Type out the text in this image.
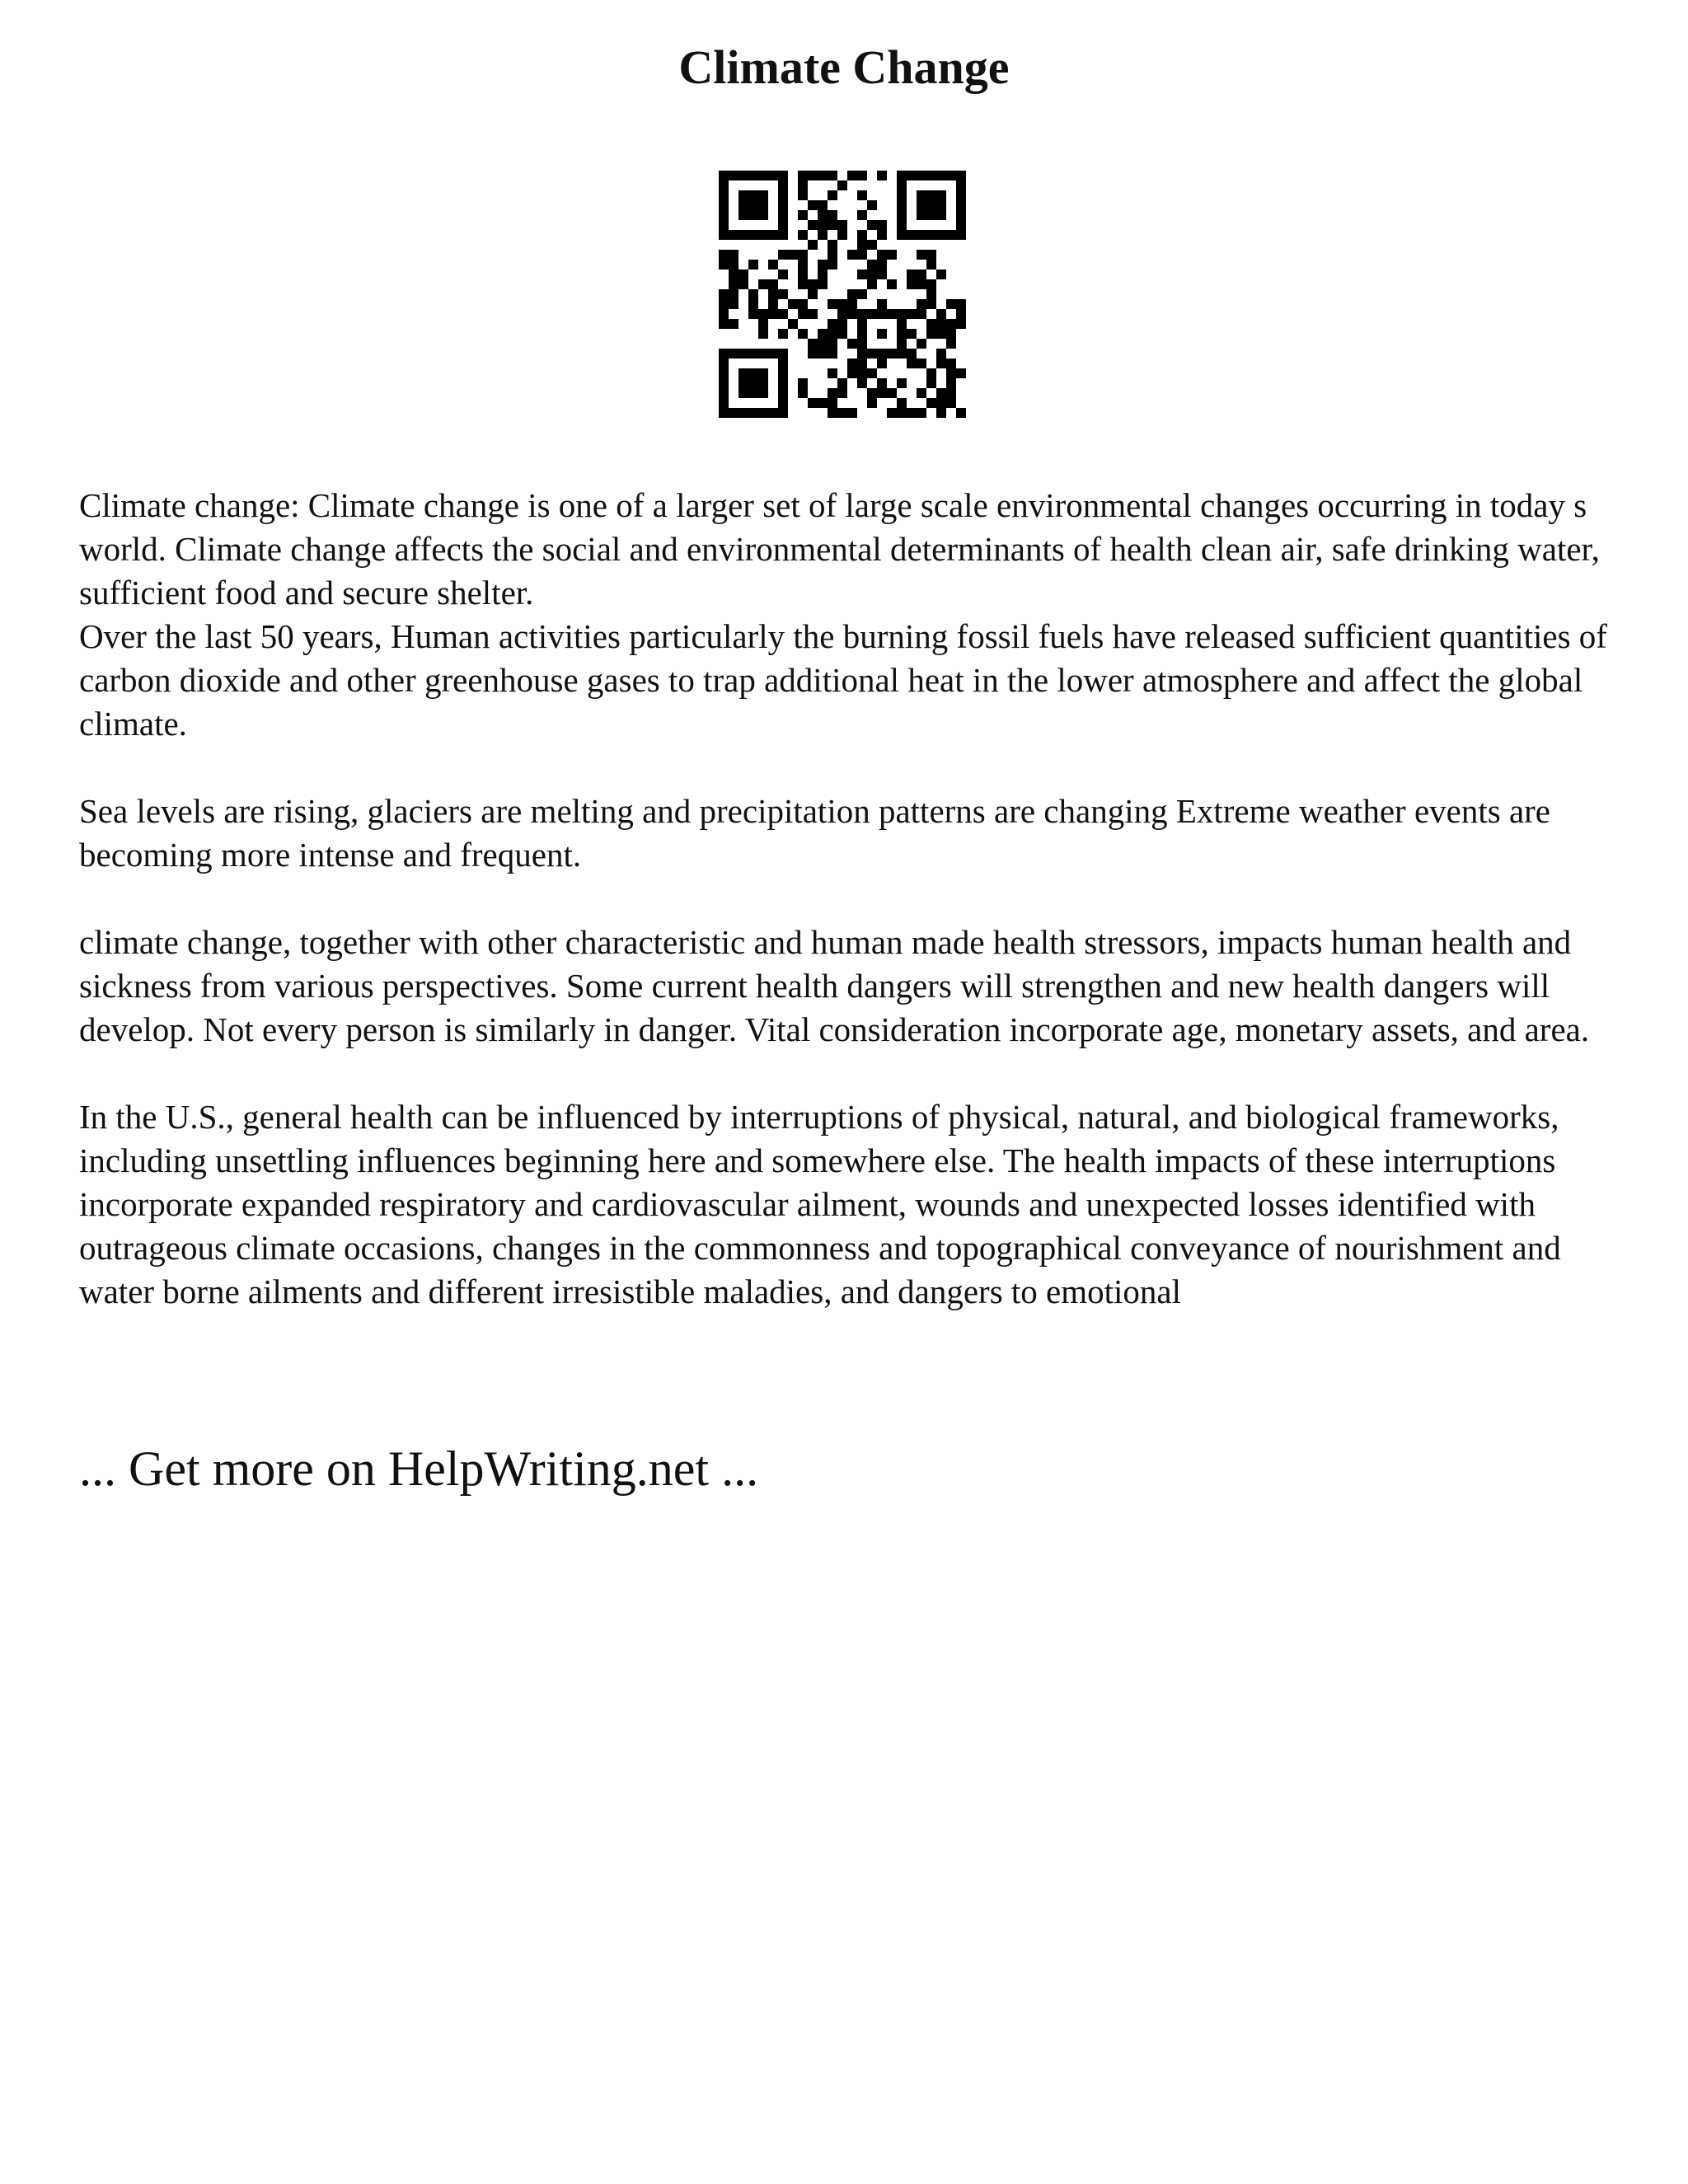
Climate Change

Climate change: Climate change is one of a larger set of large scale environmental changes occurring in today s world. Climate change affects the social and environmental determinants of health clean air, safe drinking water, sufficient food and secure shelter.

Over the last 50 years, Human activities particularly the burning fossil fuels have released sufficient quantities of carbon dioxide and other greenhouse gases to trap additional heat in the lower atmosphere and affect the global climate.

Sea levels are rising, glaciers are melting and precipitation patterns are changing Extreme weather events are becoming more intense and frequent.

climate change, together with other characteristic and human made health stressors, impacts human health and sickness from various perspectives. Some current health dangers will strengthen and new health dangers will develop. Not every person is similarly in danger. Vital consideration incorporate age, monetary assets, and area.

In the U.S., general health can be influenced by interruptions of physical, natural, and biological frameworks, including unsettling influences beginning here and somewhere else. The health impacts of these interruptions incorporate expanded respiratory and cardiovascular ailment, wounds and unexpected losses identified with outrageous climate occasions, changes in the commonness and topographical conveyance of nourishment and water borne ailments and different irresistible maladies, and dangers to emotional

... Get more on HelpWriting.net ...
